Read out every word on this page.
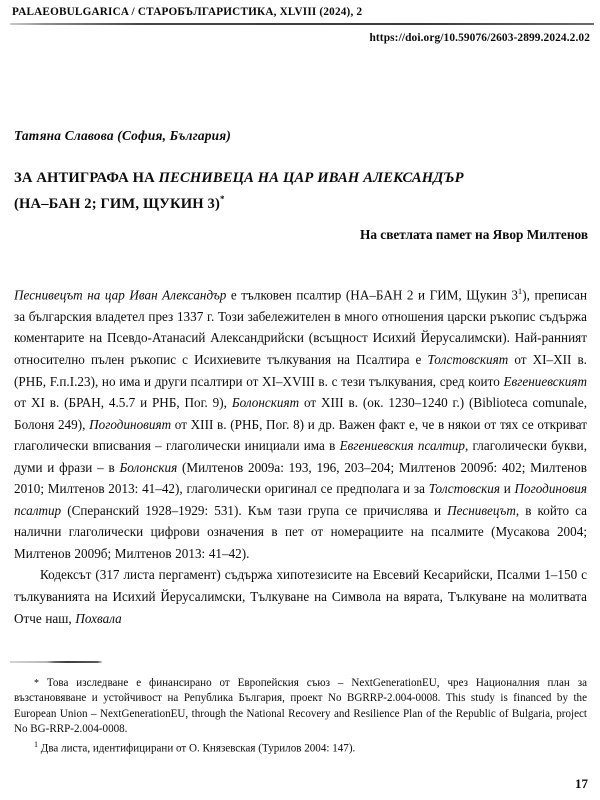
PALAEOBULGARICA / СТАРОБЪЛГАРИСТИКА, XLVIII (2024), 2
https://doi.org/10.59076/2603-2899.2024.2.02
Татяна Славова (София, България)
ЗА АНТИГРАФА НА ПЕСНИВЕЦА НА ЦАР ИВАН АЛЕКСАНДЪР
(НА–БАН 2; ГИМ, ЩУКИН 3)*
На светлата памет на Явор Милтенов

Песнивецът на цар Иван Александър е тълковен псалтир (НА–БАН 2 и ГИМ, Щукин $3^1$), преписан за българския владетел през 1337 г. Този забележителен в много отношения царски ръкопис съдържа коментарите на Псевдо-Атанасий Александрийски (всъщност Исихий Йерусалимски). Най-ранният относително пълен ръкопис с Исихиевите тълкувания на Псалтира е Толстовският от XI–XII в. (РНБ, F.п.I.23), но има и други псалтири от XI–XVIII в. с тези тълкувания, сред които Евгениевският от XI в. (БРАН, 4.5.7 и РНБ, Пог. 9), Болонският от XIII в. (ок. 1230–1240 г.) (Biblioteca comunale, Болоня 249), Погодиновият от XIII в. (РНБ, Пог. 8) и др. Важен факт е, че в някои от тях се откриват глаголически вписвания – глаголически инициали има в Евгениевския псалтир, глаголически букви, думи и фрази – в Болонския (Милтенов 2009а: 193, 196, 203–204; Милтенов 2009б: 402; Милтенов 2010; Милтенов 2013: 41–42), глаголически оригинал се предполага и за Толстовския и Погодиновия псалтир (Сперанский 1928–1929: 531). Към тази група се причислява и Песнивецът, в който са налични глаголически цифрови означения в пет от номерациите на псалмите (Мусакова 2004; Милтенов 2009б; Милтенов 2013: 41–42).

Кодексът (317 листа пергамент) съдържа хипотезисите на Евсевий Кесарийски, Псалми 1–150 с тълкуванията на Исихий Йерусалимски, Тълкуване на Символа на вярата, Тълкуване на молитвата Отче наш, Похвала

* Това изследване е финансирано от Европейския съюз – NextGenerationEU, чрез Националния план за възстановяване и устойчивост на Република България, проект No BGRRP-2.004-0008. This study is financed by the European Union – NextGenerationEU, through the National Recovery and Resilience Plan of the Republic of Bulgaria, project No BG-RRP-2.004-0008.

$^1$ Два листа, идентифицирани от О. Князевская (Турилов 2004: 147).

17
